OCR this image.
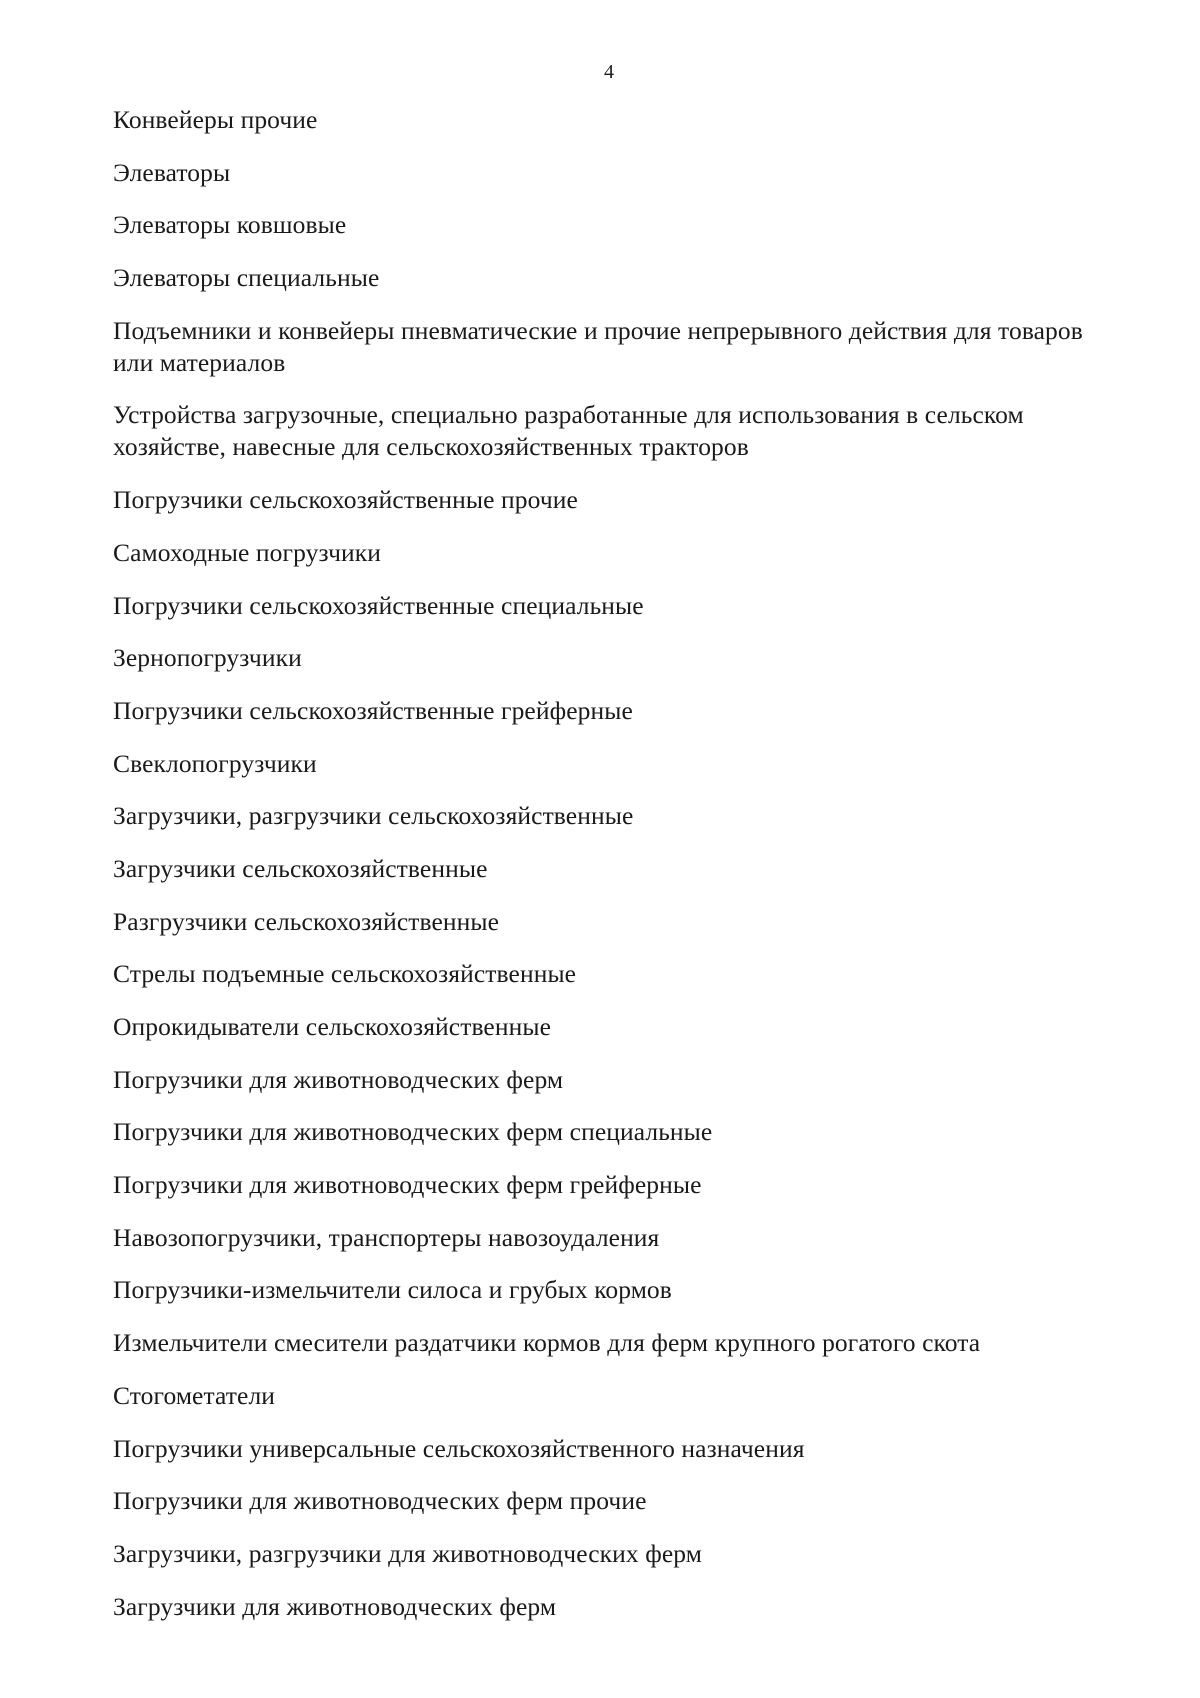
4
Конвейеры прочие
Элеваторы
Элеваторы ковшовые
Элеваторы специальные
Подъемники и конвейеры пневматические и прочие непрерывного действия для товаров или материалов
Устройства загрузочные, специально разработанные для использования в сельском хозяйстве, навесные для сельскохозяйственных тракторов
Погрузчики сельскохозяйственные прочие
Самоходные погрузчики
Погрузчики сельскохозяйственные специальные
Зернопогрузчики
Погрузчики сельскохозяйственные грейферные
Свеклопогрузчики
Загрузчики, разгрузчики сельскохозяйственные
Загрузчики сельскохозяйственные
Разгрузчики сельскохозяйственные
Стрелы подъемные сельскохозяйственные
Опрокидыватели сельскохозяйственные
Погрузчики для животноводческих ферм
Погрузчики для животноводческих ферм специальные
Погрузчики для животноводческих ферм грейферные
Навозопогрузчики, транспортеры навозоудаления
Погрузчики-измельчители силоса и грубых кормов
Измельчители смесители раздатчики кормов для ферм крупного рогатого скота
Стогометатели
Погрузчики универсальные сельскохозяйственного назначения
Погрузчики для животноводческих ферм прочие
Загрузчики, разгрузчики для животноводческих ферм
Загрузчики для животноводческих ферм
